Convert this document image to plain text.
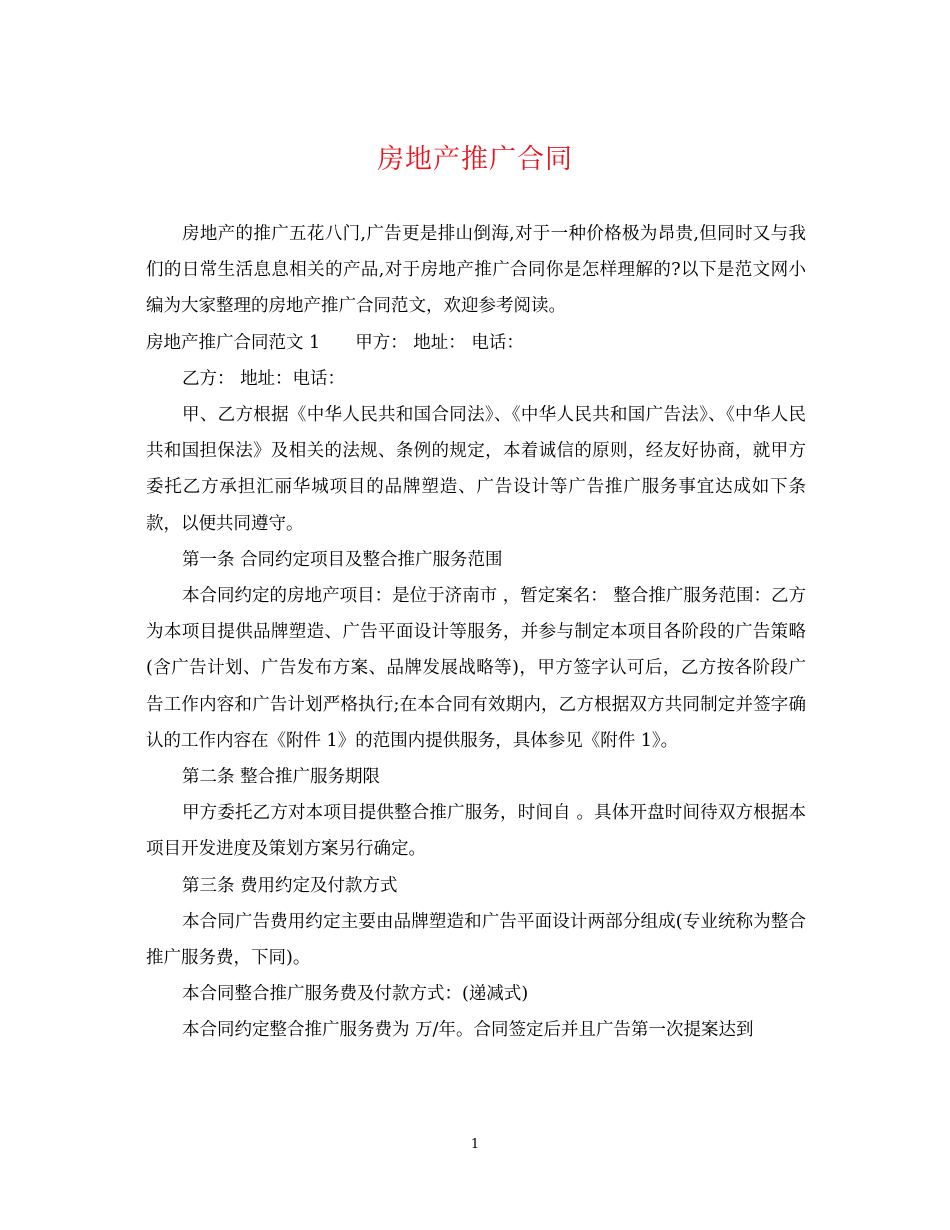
房地产推广合同

房地产的推广五花八门,广告更是排山倒海,对于一种价格极为昂贵,但同时又与我们的日常生活息息相关的产品,对于房地产推广合同你是怎样理解的?以下是范文网小编为大家整理的房地产推广合同范文，欢迎参考阅读。

房地产推广合同范文 1　　甲方： 地址： 电话：

乙方： 地址：电话：

甲、乙方根据《中华人民共和国合同法》、《中华人民共和国广告法》、《中华人民共和国担保法》及相关的法规、条例的规定，本着诚信的原则，经友好协商，就甲方委托乙方承担汇丽华城项目的品牌塑造、广告设计等广告推广服务事宜达成如下条款，以便共同遵守。

第一条 合同约定项目及整合推广服务范围

本合同约定的房地产项目：是位于济南市 ，暂定案名： 整合推广服务范围：乙方为本项目提供品牌塑造、广告平面设计等服务，并参与制定本项目各阶段的广告策略(含广告计划、广告发布方案、品牌发展战略等)，甲方签字认可后，乙方按各阶段广告工作内容和广告计划严格执行;在本合同有效期内，乙方根据双方共同制定并签字确认的工作内容在《附件 1》的范围内提供服务，具体参见《附件 1》。

第二条 整合推广服务期限

甲方委托乙方对本项目提供整合推广服务，时间自 。具体开盘时间待双方根据本项目开发进度及策划方案另行确定。

第三条 费用约定及付款方式

本合同广告费用约定主要由品牌塑造和广告平面设计两部分组成(专业统称为整合推广服务费，下同)。

本合同整合推广服务费及付款方式：(递减式)

本合同约定整合推广服务费为 万/年。合同签定后并且广告第一次提案达到

1
